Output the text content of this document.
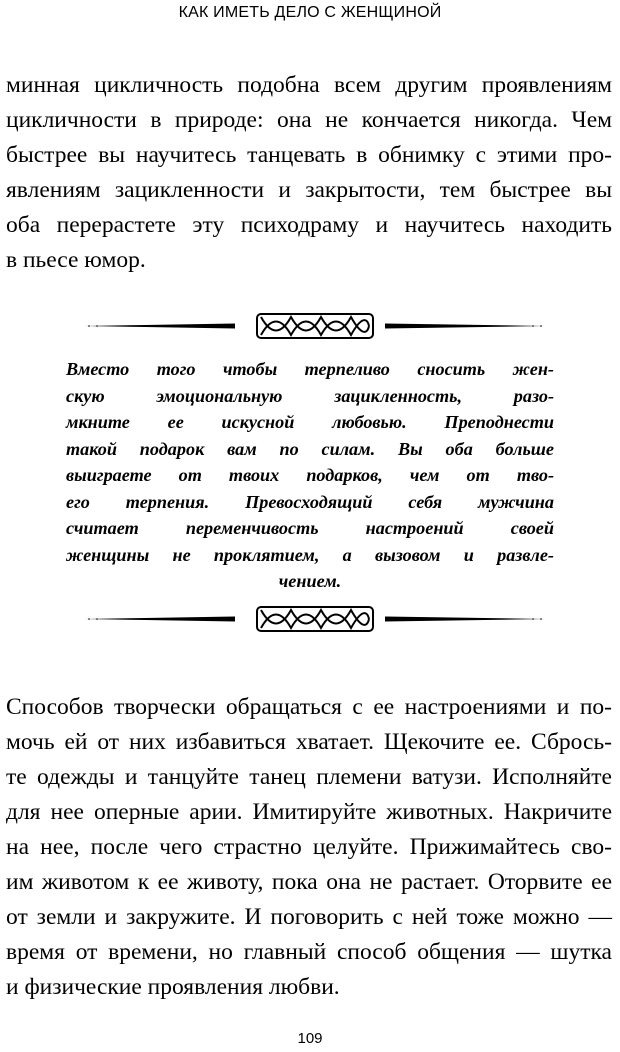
КАК ИМЕТЬ ДЕЛО С ЖЕНЩИНОЙ

минная цикличность подобна всем другим проявлениям
цикличности в природе: она не кончается никогда. Чем
быстрее вы научитесь танцевать в обнимку с этими про-
явлениям зацикленности и закрытости, тем быстрее вы
оба перерастете эту психодраму и научитесь находить
в пьесе юмор.

Вместо того чтобы терпеливо сносить жен-
скую эмоциональную зацикленность, разо-
мкните ее искусной любовью. Преподнести
такой подарок вам по силам. Вы оба больше
выиграете от твоих подарков, чем от тво-
его терпения. Превосходящий себя мужчина
считает переменчивость настроений своей
женщины не проклятием, а вызовом и развле-
чением.

Способов творчески обращаться с ее настроениями и по-
мочь ей от них избавиться хватает. Щекочите ее. Сбрось-
те одежды и танцуйте танец племени ватузи. Исполняйте
для нее оперные арии. Имитируйте животных. Накричите
на нее, после чего страстно целуйте. Прижимайтесь сво-
им животом к ее животу, пока она не растает. Оторвите ее
от земли и закружите. И поговорить с ней тоже можно —
время от времени, но главный способ общения — шутка
и физические проявления любви.

109
